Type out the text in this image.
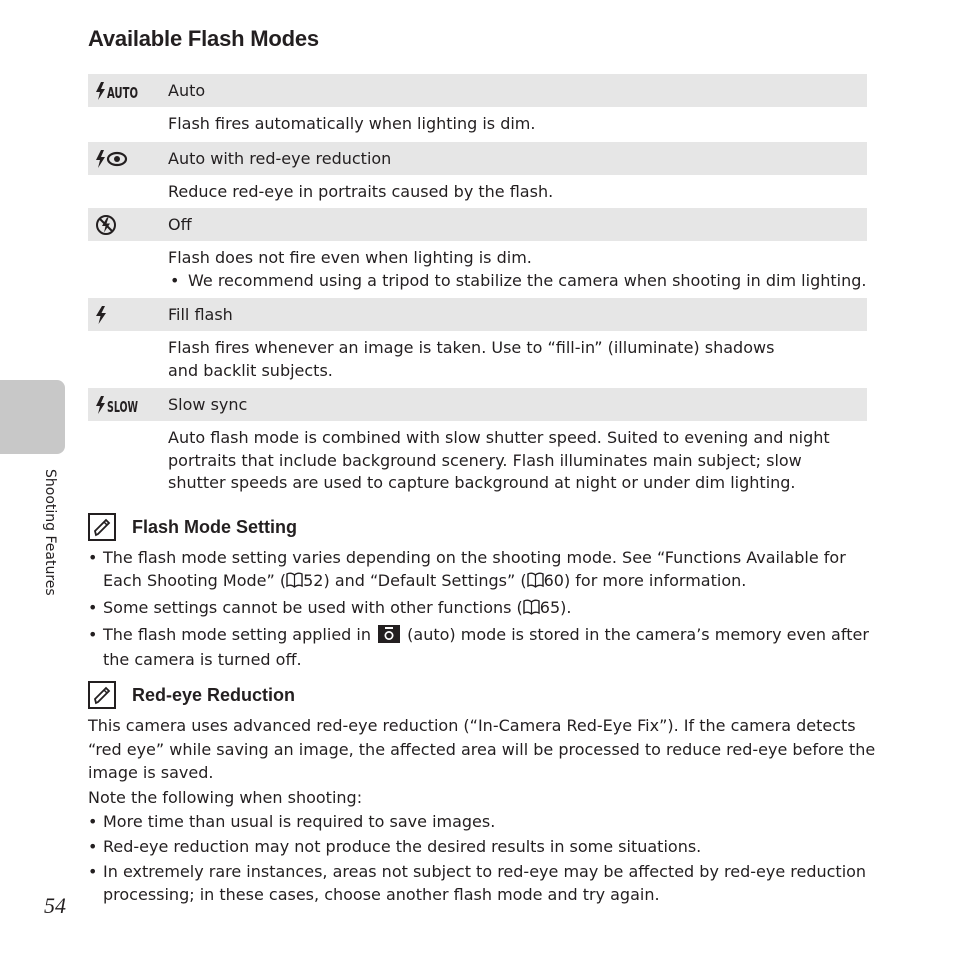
Available Flash Modes
Shooting Features
AUTO Auto
Flash fires automatically when lighting is dim.
Auto with red-eye reduction
Reduce red-eye in portraits caused by the flash.
Off
Flash does not fire even when lighting is dim.
• We recommend using a tripod to stabilize the camera when shooting in dim lighting.
Fill flash
Flash fires whenever an image is taken. Use to “fill-in” (illuminate) shadows and backlit subjects.
SLOW Slow sync
Auto flash mode is combined with slow shutter speed. Suited to evening and night portraits that include background scenery. Flash illuminates main subject; slow shutter speeds are used to capture background at night or under dim lighting.
Flash Mode Setting
• The flash mode setting varies depending on the shooting mode. See “Functions Available for Each Shooting Mode” ( 52) and “Default Settings” ( 60) for more information.
• Some settings cannot be used with other functions ( 65).
• The flash mode setting applied in (auto) mode is stored in the camera’s memory even after the camera is turned off.
Red-eye Reduction

This camera uses advanced red-eye reduction (“In-Camera Red-Eye Fix”). If the camera detects “red eye” while saving an image, the affected area will be processed to reduce red-eye before the image is saved.

Note the following when shooting:

• More time than usual is required to save images.
• Red-eye reduction may not produce the desired results in some situations.
• In extremely rare instances, areas not subject to red-eye may be affected by red-eye reduction processing; in these cases, choose another flash mode and try again.
54
